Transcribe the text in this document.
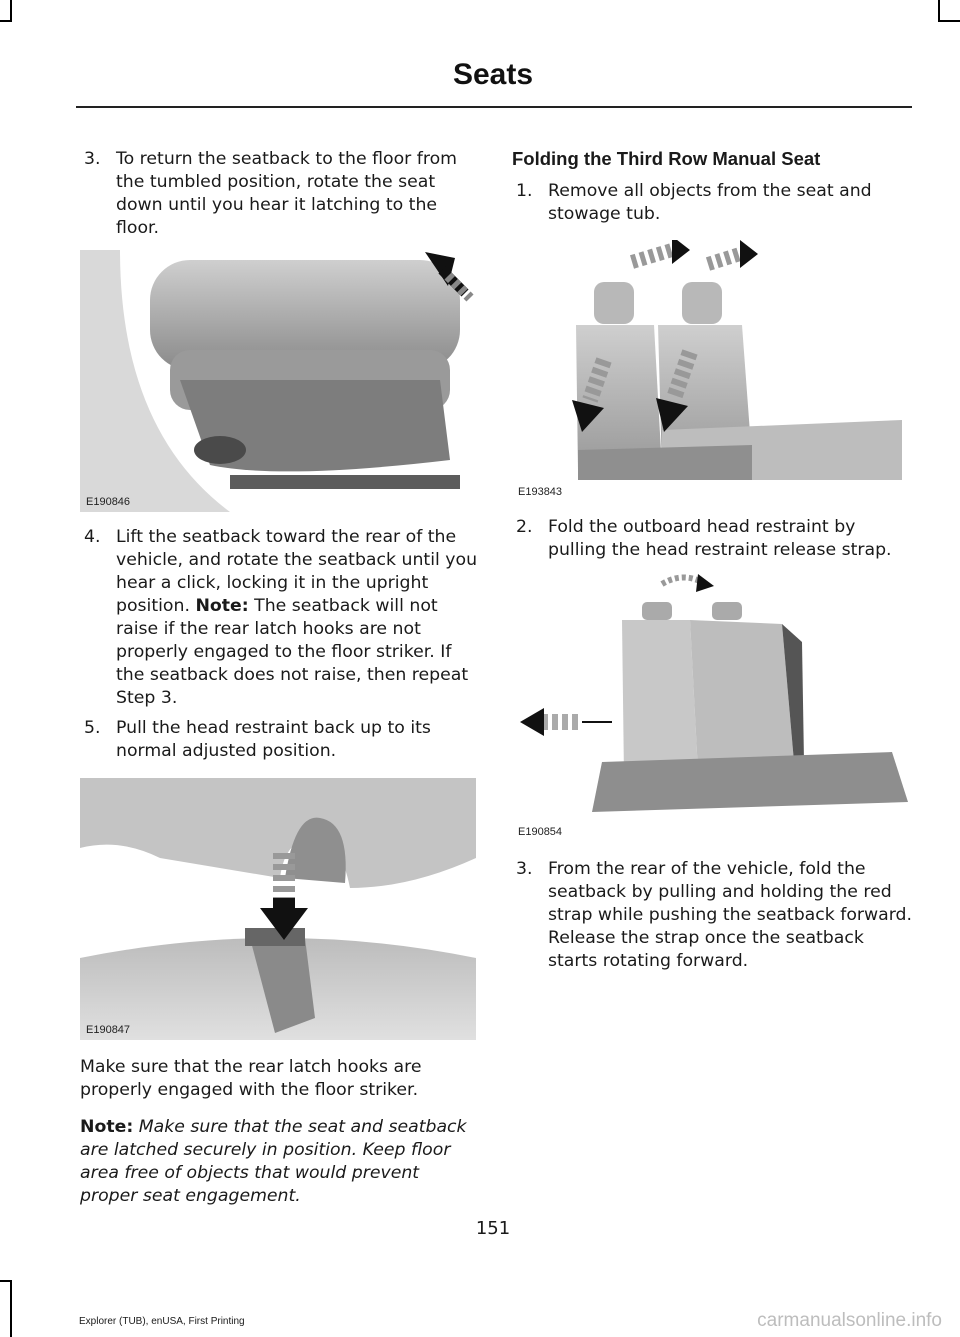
Seats

3. To return the seatback to the floor from the tumbled position, rotate the seat down until you hear it latching to the floor.

E190846

4. Lift the seatback toward the rear of the vehicle, and rotate the seatback until you hear a click, locking it in the upright position. Note: The seatback will not raise if the rear latch hooks are not properly engaged to the floor striker. If the seatback does not raise, then repeat Step 3.

5. Pull the head restraint back up to its normal adjusted position.

E190847

Make sure that the rear latch hooks are properly engaged with the floor striker.

Note: Make sure that the seat and seatback are latched securely in position. Keep floor area free of objects that would prevent proper seat engagement.

Folding the Third Row Manual Seat

1. Remove all objects from the seat and stowage tub.

E193843

2. Fold the outboard head restraint by pulling the head restraint release strap.

E190854

3. From the rear of the vehicle, fold the seatback by pulling and holding the red strap while pushing the seatback forward. Release the strap once the seatback starts rotating forward.

151
Explorer (TUB), enUSA, First Printing	carmanualsonline.info
